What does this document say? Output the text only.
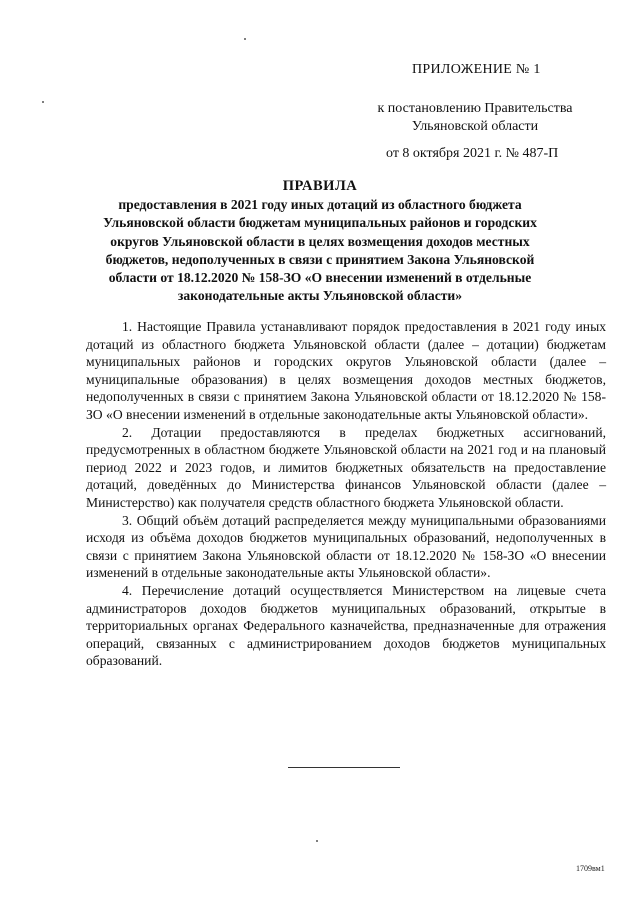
ПРИЛОЖЕНИЕ № 1
к постановлению Правительства
Ульяновской области
от 8 октября 2021 г. № 487-П
ПРАВИЛА
предоставления в 2021 году иных дотаций из областного бюджета Ульяновской области бюджетам муниципальных районов и городских округов Ульяновской области в целях возмещения доходов местных бюджетов, недополученных в связи с принятием Закона Ульяновской области от 18.12.2020 № 158-ЗО «О внесении изменений в отдельные законодательные акты Ульяновской области»

1. Настоящие Правила устанавливают порядок предоставления в 2021 году иных дотаций из областного бюджета Ульяновской области (далее – дотации) бюджетам муниципальных районов и городских округов Ульяновской области (далее – муниципальные образования) в целях возмещения доходов местных бюджетов, недополученных в связи с принятием Закона Ульяновской области от 18.12.2020 № 158-ЗО «О внесении изменений в отдельные законодательные акты Ульяновской области».

2. Дотации предоставляются в пределах бюджетных ассигнований, предусмотренных в областном бюджете Ульяновской области на 2021 год и на плановый период 2022 и 2023 годов, и лимитов бюджетных обязательств на предоставление дотаций, доведённых до Министерства финансов Ульяновской области (далее – Министерство) как получателя средств областного бюджета Ульяновской области.

3. Общий объём дотаций распределяется между муниципальными образованиями исходя из объёма доходов бюджетов муниципальных образований, недополученных в связи с принятием Закона Ульяновской области от 18.12.2020 № 158-ЗО «О внесении изменений в отдельные законодательные акты Ульяновской области».

4. Перечисление дотаций осуществляется Министерством на лицевые счета администраторов доходов бюджетов муниципальных образований, открытые в территориальных органах Федерального казначейства, предназначенные для отражения операций, связанных с администрированием доходов бюджетов муниципальных образований.

1709вм1
